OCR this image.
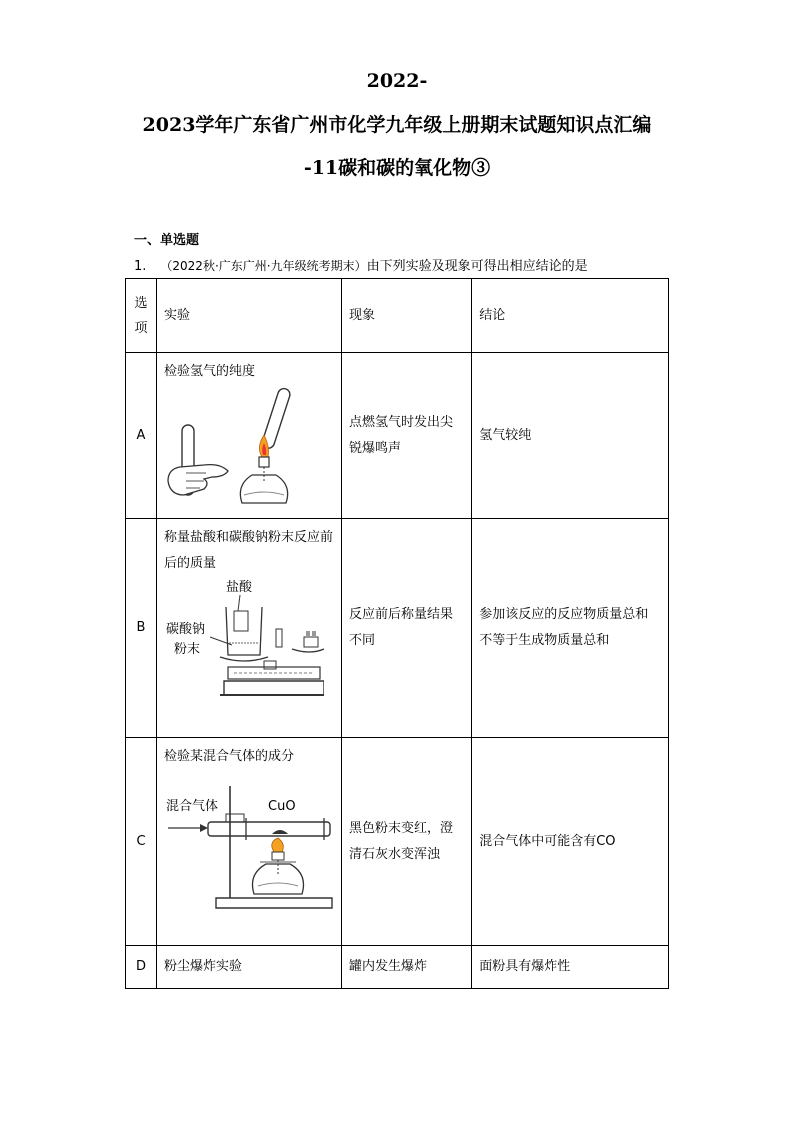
2022-
2023学年广东省广州市化学九年级上册期末试题知识点汇编
-11碳和碳的氧化物③
一、单选题
1. （2022秋·广东广州·九年级统考期末）由下列实验及现象可得出相应结论的是
选项	实验	现象	结论
A	检验氢气的纯度	点燃氢气时发出尖锐爆鸣声	氢气较纯
B	称量盐酸和碳酸钠粉末反应前后的质量
盐酸
碳酸钠
粉末	反应前后称量结果不同	参加该反应的反应物质量总和不等于生成物质量总和
C	检验某混合气体的成分
混合气体 CuO	黑色粉末变红，澄清石灰水变浑浊	混合气体中可能含有CO
D	粉尘爆炸实验	罐内发生爆炸	面粉具有爆炸性
